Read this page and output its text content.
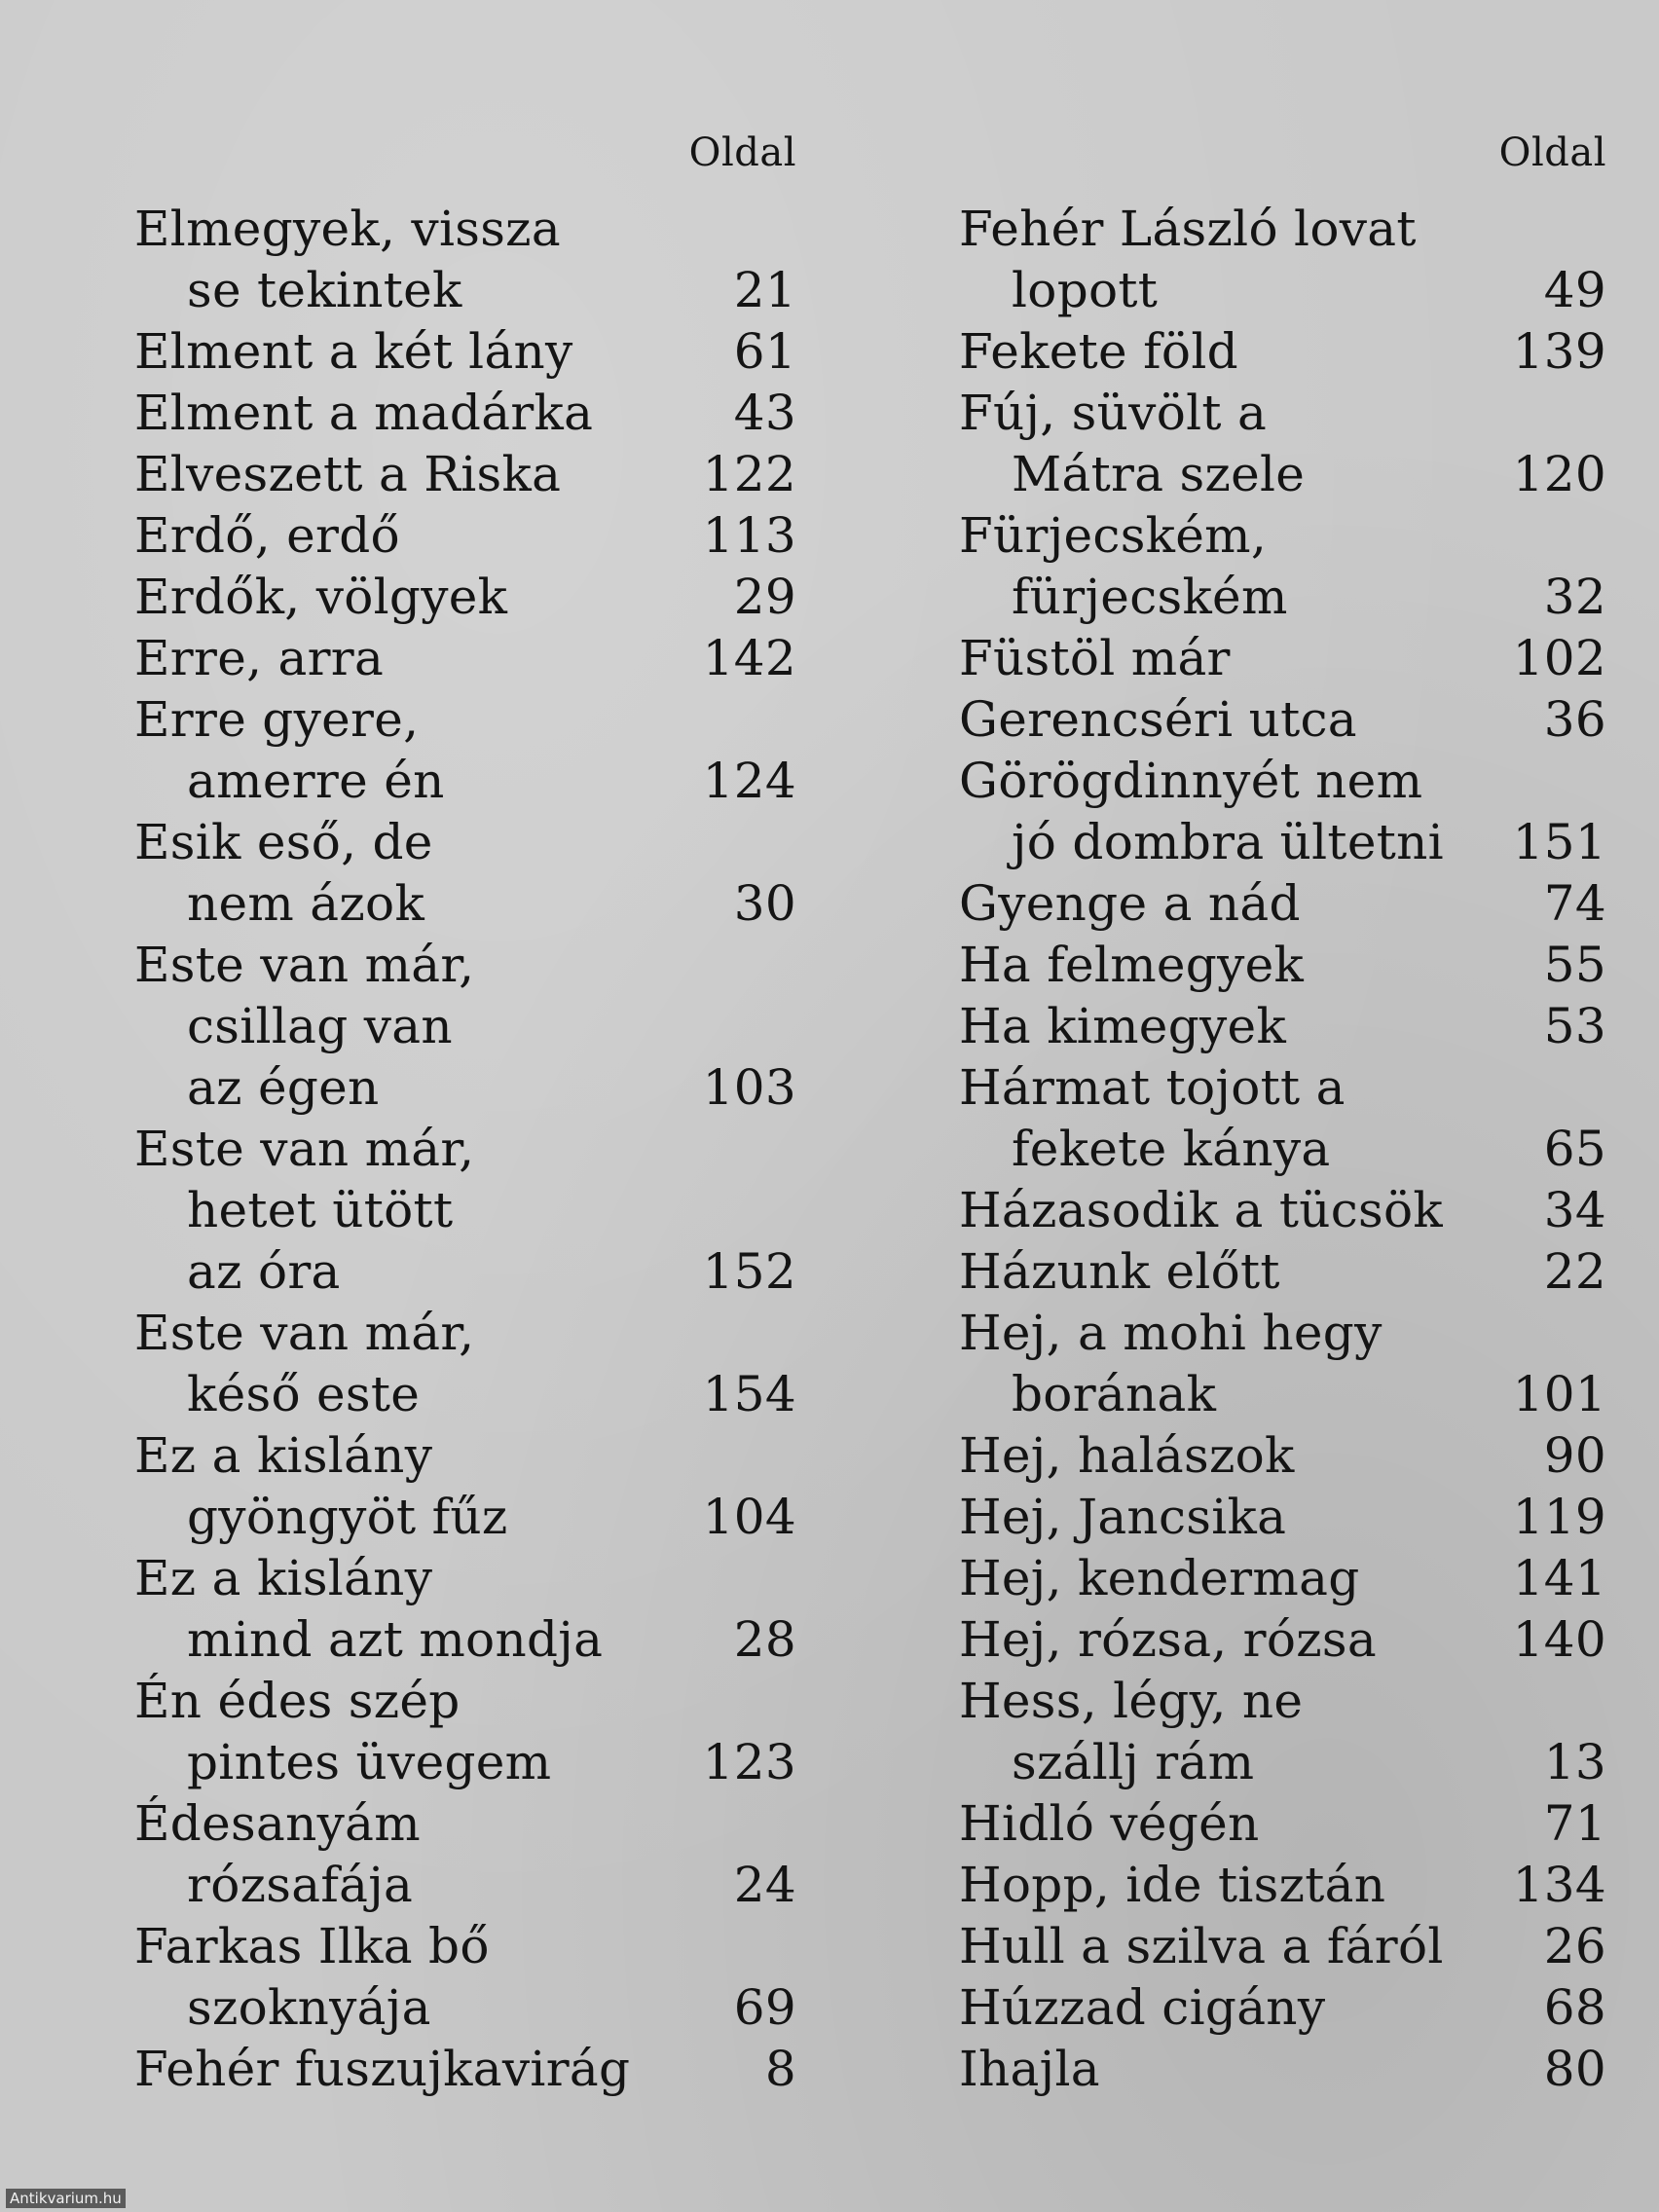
Oldal
Elmegyek, vissza
se tekintek	21
Elment a két lány	61
Elment a madárka	43
Elveszett a Riska	122
Erdő, erdő	113
Erdők, völgyek	29
Erre, arra	142
Erre gyere,
amerre én	124
Esik eső, de
nem ázok	30
Este van már,
csillag van
az égen	103
Este van már,
hetet ütött
az óra	152
Este van már,
késő este	154
Ez a kislány
gyöngyöt fűz	104
Ez a kislány
mind azt mondja	28
Én édes szép
pintes üvegem	123
Édesanyám
rózsafája	24
Farkas Ilka bő
szoknyája	69
Fehér fuszujkavirág	8
Oldal
Fehér László lovat
lopott	49
Fekete föld	139
Fúj, süvölt a
Mátra szele	120
Fürjecském,
fürjecském	32
Füstöl már	102
Gerencséri utca	36
Görögdinnyét nem
jó dombra ültetni 151
Gyenge a nád	74
Ha felmegyek	55
Ha kimegyek	53
Hármat tojott a
fekete kánya	65
Házasodik a tücsök 34
Házunk előtt	22
Hej, a mohi hegy
borának	101
Hej, halászok	90
Hej, Jancsika	119
Hej, kendermag	141
Hej, rózsa, rózsa	140
Hess, légy, ne
szállj rám	13
Hidló végén	71
Hopp, ide tisztán	134
Hull a szilva a fáról 26
Húzzad cigány	68
Ihajla	80
Antikvarium.hu
